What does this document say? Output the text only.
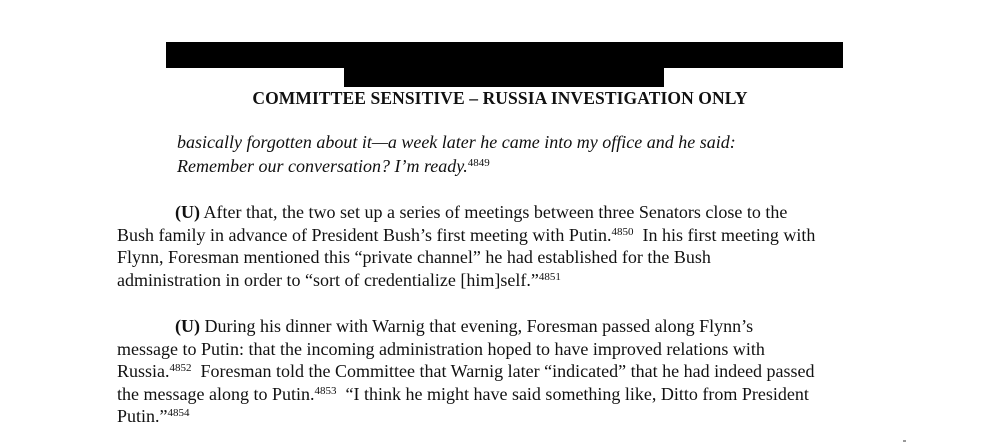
COMMITTEE SENSITIVE – RUSSIA INVESTIGATION ONLY
basically forgotten about it—a week later he came into my office and he said:
Remember our conversation? I’m ready.$^{4849}$
(U) After that, the two set up a series of meetings between three Senators close to the
Bush family in advance of President Bush’s first meeting with Putin.$^{4850}$  In his first meeting with
Flynn, Foresman mentioned this “private channel” he had established for the Bush
administration in order to “sort of credentialize [him]self.”$^{4851}$
(U) During his dinner with Warnig that evening, Foresman passed along Flynn’s
message to Putin: that the incoming administration hoped to have improved relations with
Russia.$^{4852}$  Foresman told the Committee that Warnig later “indicated” that he had indeed passed
the message along to Putin.$^{4853}$  “I think he might have said something like, Ditto from President
Putin.”$^{4854}$
